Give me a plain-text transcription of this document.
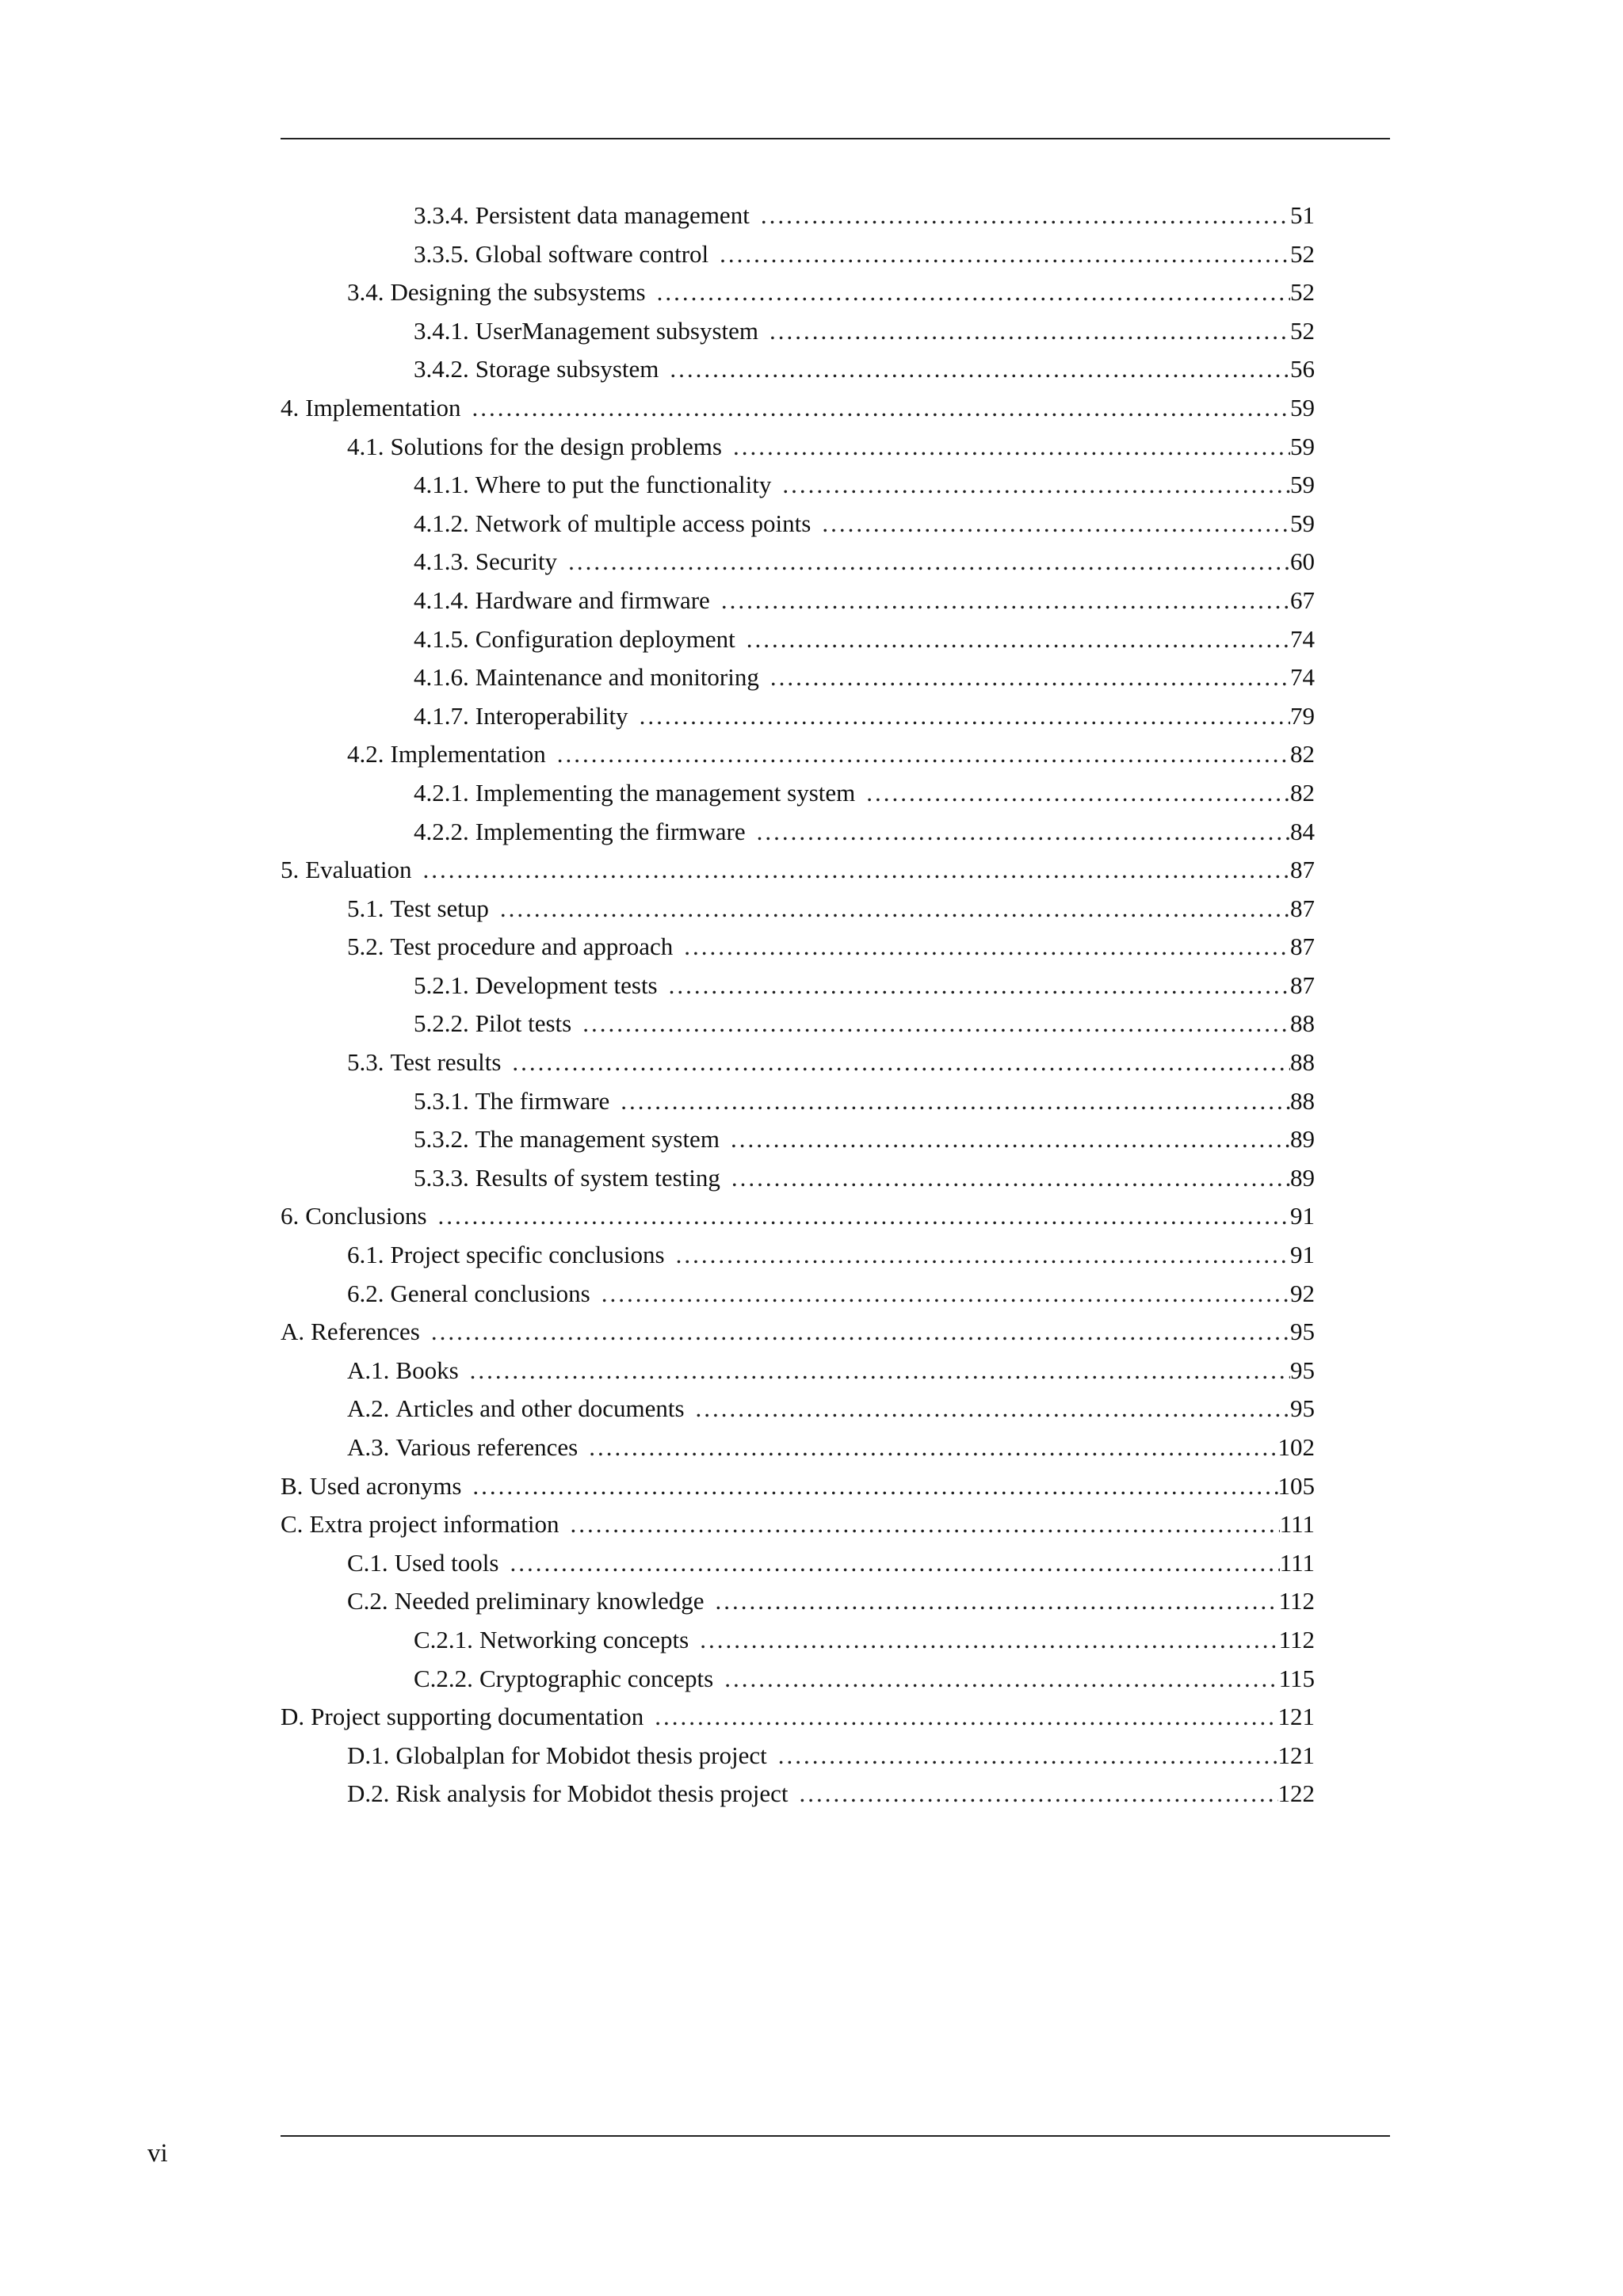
3.3.4. Persistent data management .....	51
3.3.5. Global software control .....	52
3.4. Designing the subsystems .....	52
3.4.1. UserManagement subsystem .....	52
3.4.2. Storage subsystem .....	56
4. Implementation .....	59
4.1. Solutions for the design problems .....	59
4.1.1. Where to put the functionality .....	59
4.1.2. Network of multiple access points .....	59
4.1.3. Security .....	60
4.1.4. Hardware and firmware .....	67
4.1.5. Configuration deployment .....	74
4.1.6. Maintenance and monitoring .....	74
4.1.7. Interoperability .....	79
4.2. Implementation .....	82
4.2.1. Implementing the management system .....	82
4.2.2. Implementing the firmware .....	84
5. Evaluation .....	87
5.1. Test setup .....	87
5.2. Test procedure and approach .....	87
5.2.1. Development tests .....	87
5.2.2. Pilot tests .....	88
5.3. Test results .....	88
5.3.1. The firmware .....	88
5.3.2. The management system .....	89
5.3.3. Results of system testing .....	89
6. Conclusions .....	91
6.1. Project specific conclusions .....	91
6.2. General conclusions .....	92
A. References .....	95
A.1. Books .....	95
A.2. Articles and other documents .....	95
A.3. Various references .....	102
B. Used acronyms .....	105
C. Extra project information .....	111
C.1. Used tools .....	111
C.2. Needed preliminary knowledge .....	112
C.2.1. Networking concepts .....	112
C.2.2. Cryptographic concepts .....	115
D. Project supporting documentation .....	121
D.1. Globalplan for Mobidot thesis project .....	121
D.2. Risk analysis for Mobidot thesis project .....	122
vi
